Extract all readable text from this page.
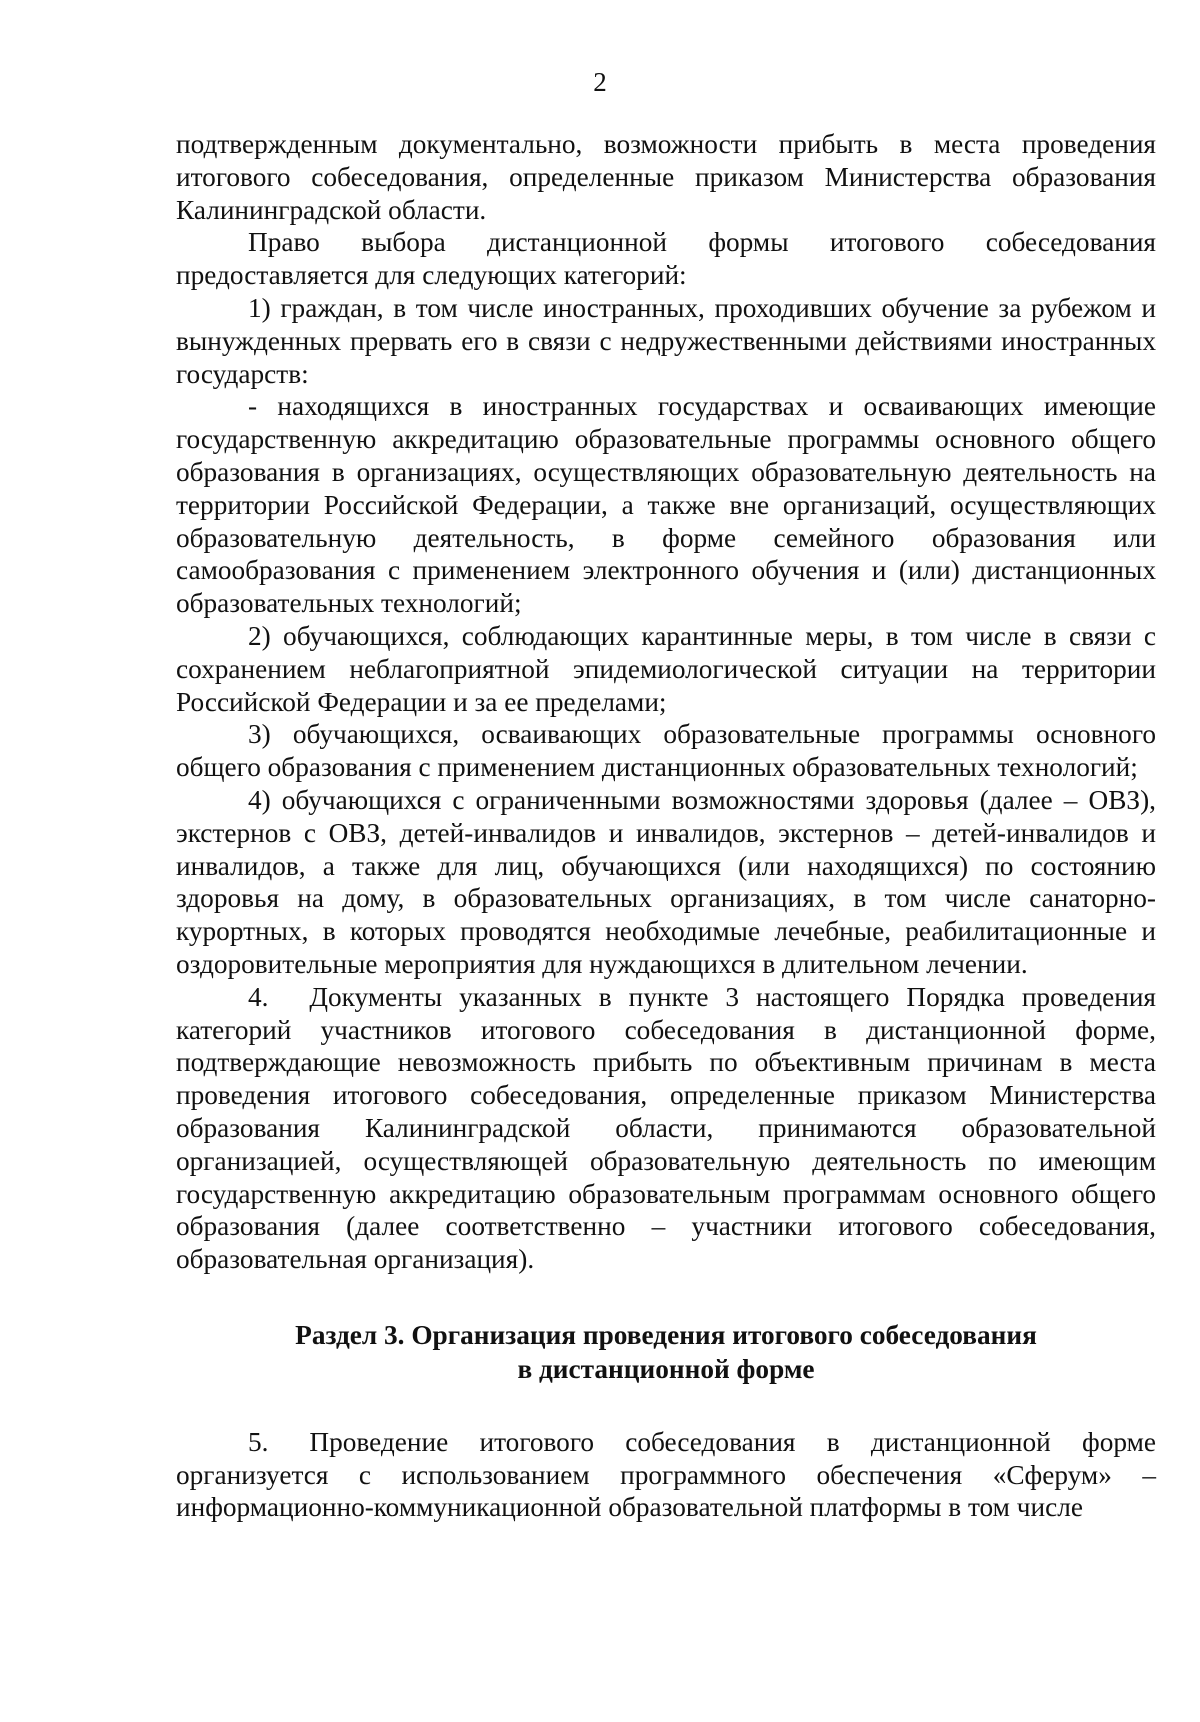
2

подтвержденным документально, возможности прибыть в места проведения итогового собеседования, определенные приказом Министерства образования Калининградской области.

Право выбора дистанционной формы итогового собеседования предоставляется для следующих категорий:

1) граждан, в том числе иностранных, проходивших обучение за рубежом и вынужденных прервать его в связи с недружественными действиями иностранных государств:

- находящихся в иностранных государствах и осваивающих имеющие государственную аккредитацию образовательные программы основного общего образования в организациях, осуществляющих образовательную деятельность на территории Российской Федерации, а также вне организаций, осуществляющих образовательную деятельность, в форме семейного образования или самообразования с применением электронного обучения и (или) дистанционных образовательных технологий;

2) обучающихся, соблюдающих карантинные меры, в том числе в связи с сохранением неблагоприятной эпидемиологической ситуации на территории Российской Федерации и за ее пределами;

3) обучающихся, осваивающих образовательные программы основного общего образования с применением дистанционных образовательных технологий;

4) обучающихся с ограниченными возможностями здоровья (далее – ОВЗ), экстернов с ОВЗ, детей-инвалидов и инвалидов, экстернов – детей-инвалидов и инвалидов, а также для лиц, обучающихся (или находящихся) по состоянию здоровья на дому, в образовательных организациях, в том числе санаторно-курортных, в которых проводятся необходимые лечебные, реабилитационные и оздоровительные мероприятия для нуждающихся в длительном лечении.

4.  Документы указанных в пункте 3 настоящего Порядка проведения категорий участников итогового собеседования в дистанционной форме, подтверждающие невозможность прибыть по объективным причинам в места проведения итогового собеседования, определенные приказом Министерства образования Калининградской области, принимаются образовательной организацией, осуществляющей образовательную деятельность по имеющим государственную аккредитацию образовательным программам основного общего образования (далее соответственно – участники итогового собеседования, образовательная организация).

Раздел 3. Организация проведения итогового собеседования
в дистанционной форме

5.  Проведение итогового собеседования в дистанционной форме организуется с использованием программного обеспечения «Сферум» – информационно-коммуникационной образовательной платформы в том числе
